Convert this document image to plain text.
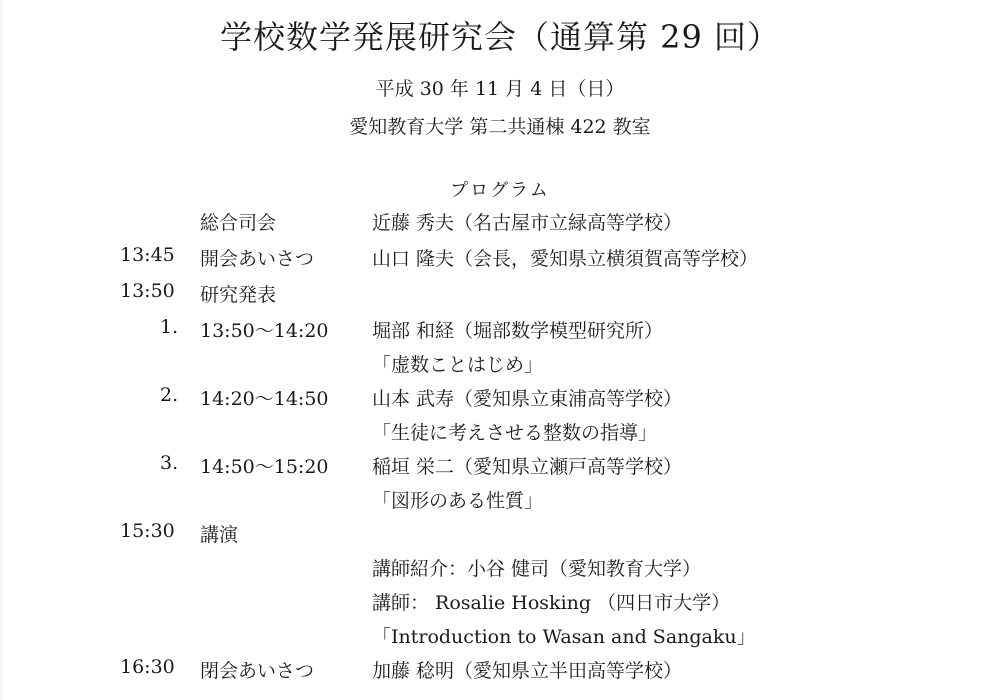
学校数学発展研究会（通算第 29 回）
平成 30 年 11 月 4 日（日）
愛知教育大学 第二共通棟 422 教室
プログラム
総合司会	近藤 秀夫（名古屋市立緑高等学校）
13:45 開会あいさつ	山口 隆夫（会長，愛知県立横須賀高等学校）
13:50 研究発表
1. 13:50～14:20 堀部 和経（堀部数学模型研究所）
「虚数ことはじめ」
2. 14:20～14:50 山本 武寿（愛知県立東浦高等学校）
「生徒に考えさせる整数の指導」
3. 14:50～15:20 稲垣 栄二（愛知県立瀬戸高等学校）
「図形のある性質」
15:30 講演
講師紹介：小谷 健司（愛知教育大学）
講師： Rosalie Hosking （四日市大学）
「Introduction to Wasan and Sangaku」
16:30 閉会あいさつ	加藤 稔明（愛知県立半田高等学校）
